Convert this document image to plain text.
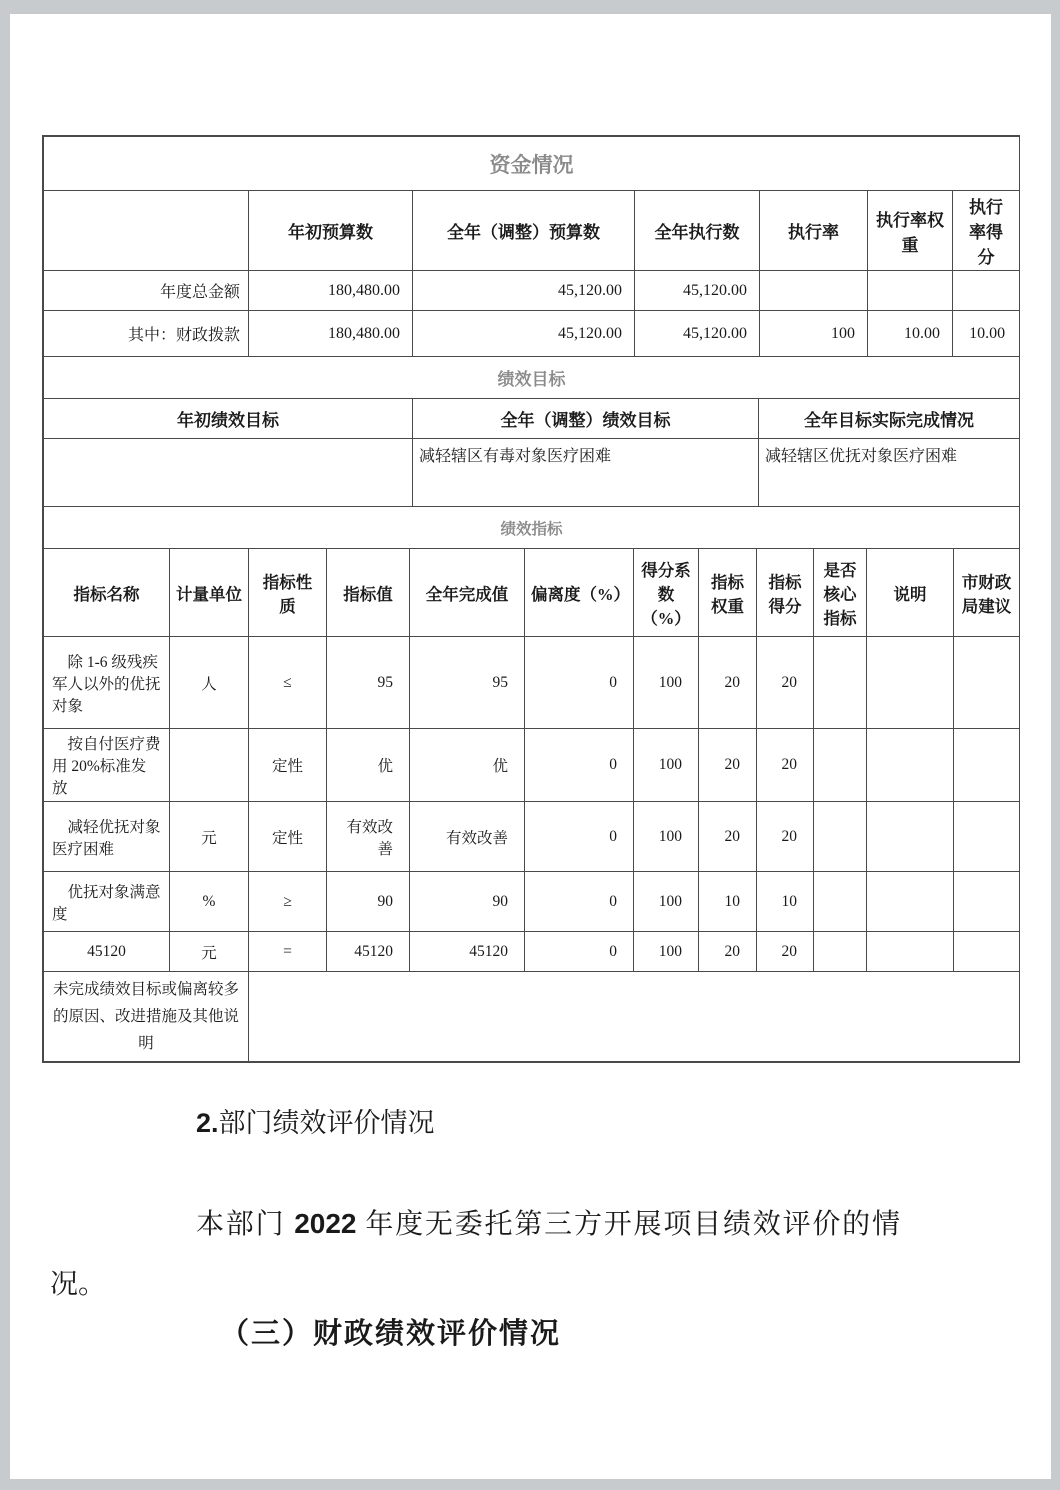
资金情况						
	年初预算数	全年（调整）预算数	全年执行数	执行率	执行率权重	执行率得分
年度总金额	180,480.00	45,120.00	45,120.00			
其中：财政拨款	180,480.00	45,120.00	45,120.00	100	10.00	10.00
绩效目标		
年初绩效目标	全年（调整）绩效目标	全年目标实际完成情况
	减轻辖区有毒对象医疗困难	减轻辖区优抚对象医疗困难
绩效指标											
指标名称	计量单位	指标性质	指标值	全年完成值	偏离度（%）	得分系数（%）	指标权重	指标得分	是否核心指标	说明	市财政局建议
除 1-6 级残疾军人以外的优抚对象	人	≤	95	95	0	100	20	20			
按自付医疗费用 20%标准发放		定性	优	优	0	100	20	20			
减轻优抚对象医疗困难	元	定性	有效改善	有效改善	0	100	20	20			
优抚对象满意度	%	≥	90	90	0	100	10	10			
45120	元	=	45120	45120	0	100	20	20			
未完成绩效目标或偏离较多的原因、改进措施及其他说明											
2.部门绩效评价情况

本部门 2022 年度无委托第三方开展项目绩效评价的情况。

（三）财政绩效评价情况
